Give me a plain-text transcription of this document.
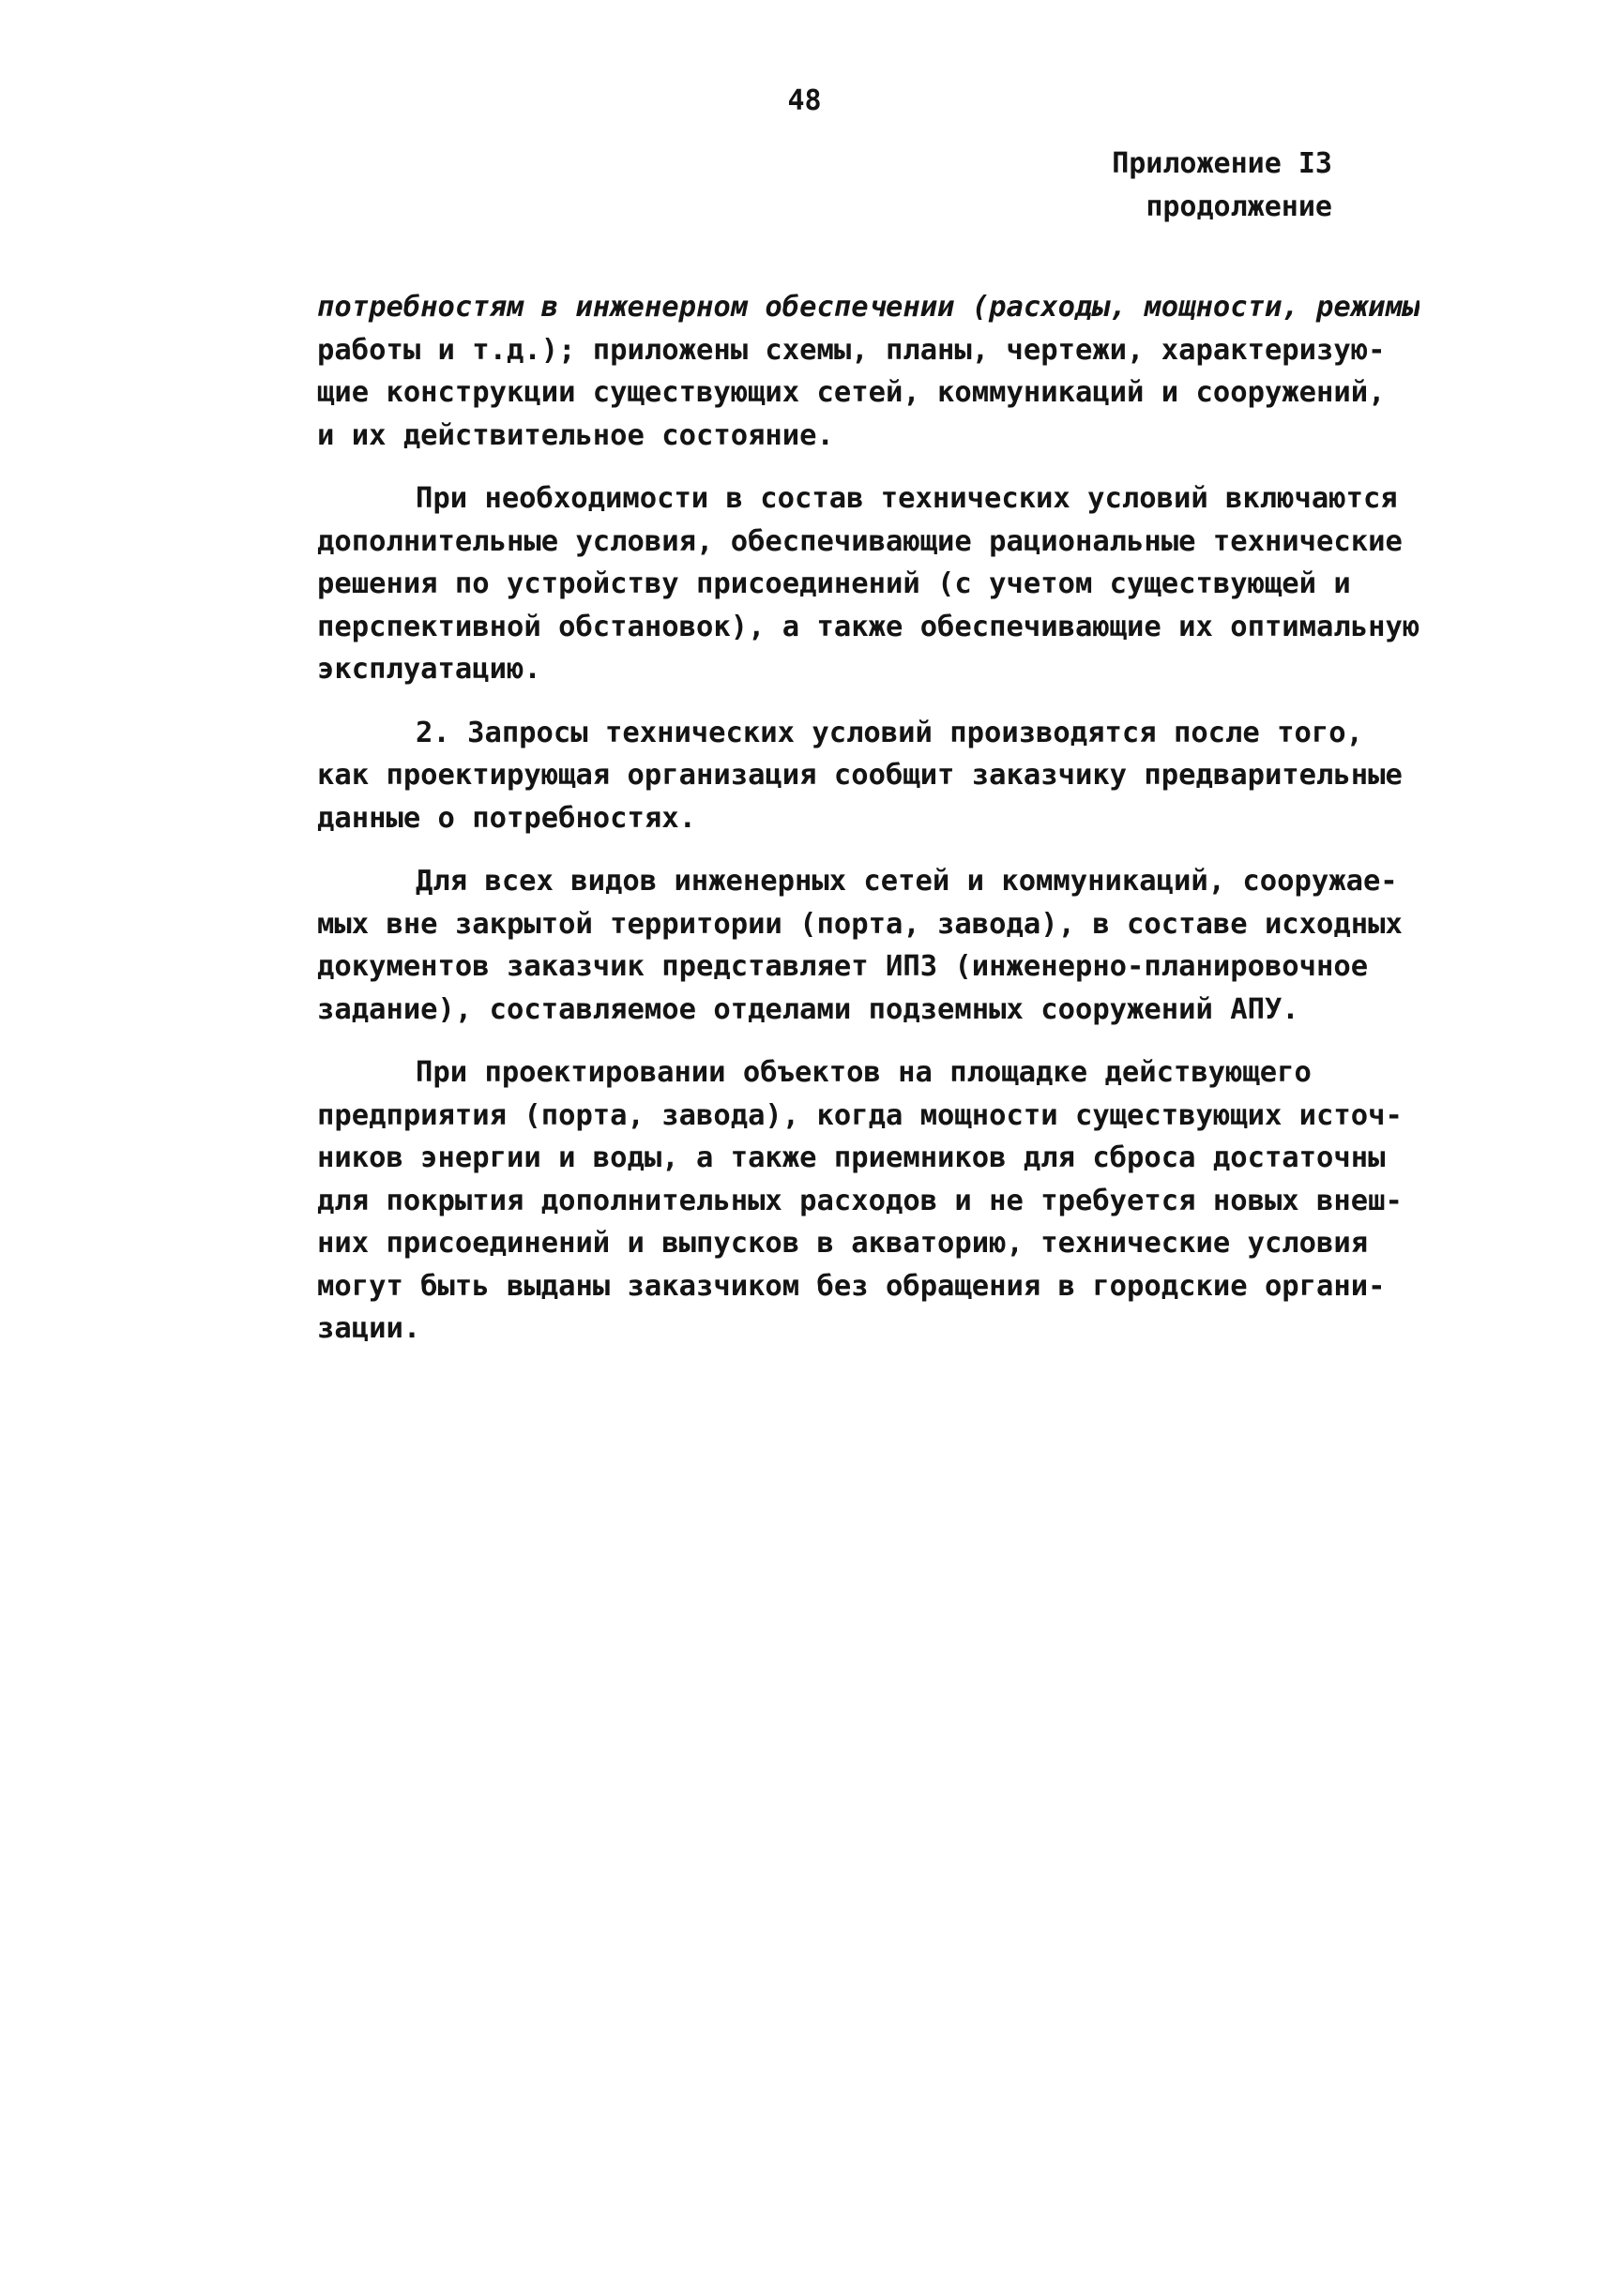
48
Приложение I3
продолжение
потребностям в инженерном обеспечении (расходы, мощности, режимы
работы и т.д.); приложены схемы, планы, чертежи, характеризую-
щие конструкции существующих сетей, коммуникаций и сооружений,
и их действительное состояние.
При необходимости в состав технических условий включаются
дополнительные условия, обеспечивающие рациональные технические
решения по устройству присоединений (с учетом существующей и
перспективной обстановок), а также обеспечивающие их оптимальную
эксплуатацию.
2. Запросы технических условий производятся после того,
как проектирующая организация сообщит заказчику предварительные
данные о потребностях.
Для всех видов инженерных сетей и коммуникаций, сооружае-
мых вне закрытой территории (порта, завода), в составе исходных
документов заказчик представляет ИПЗ (инженерно-планировочное
задание), составляемое отделами подземных сооружений АПУ.
При проектировании объектов на площадке действующего
предприятия (порта, завода), когда мощности существующих источ-
ников энергии и воды, а также приемников для сброса достаточны
для покрытия дополнительных расходов и не требуется новых внеш-
них присоединений и выпусков в акваторию, технические условия
могут быть выданы заказчиком без обращения в городские органи-
зации.
